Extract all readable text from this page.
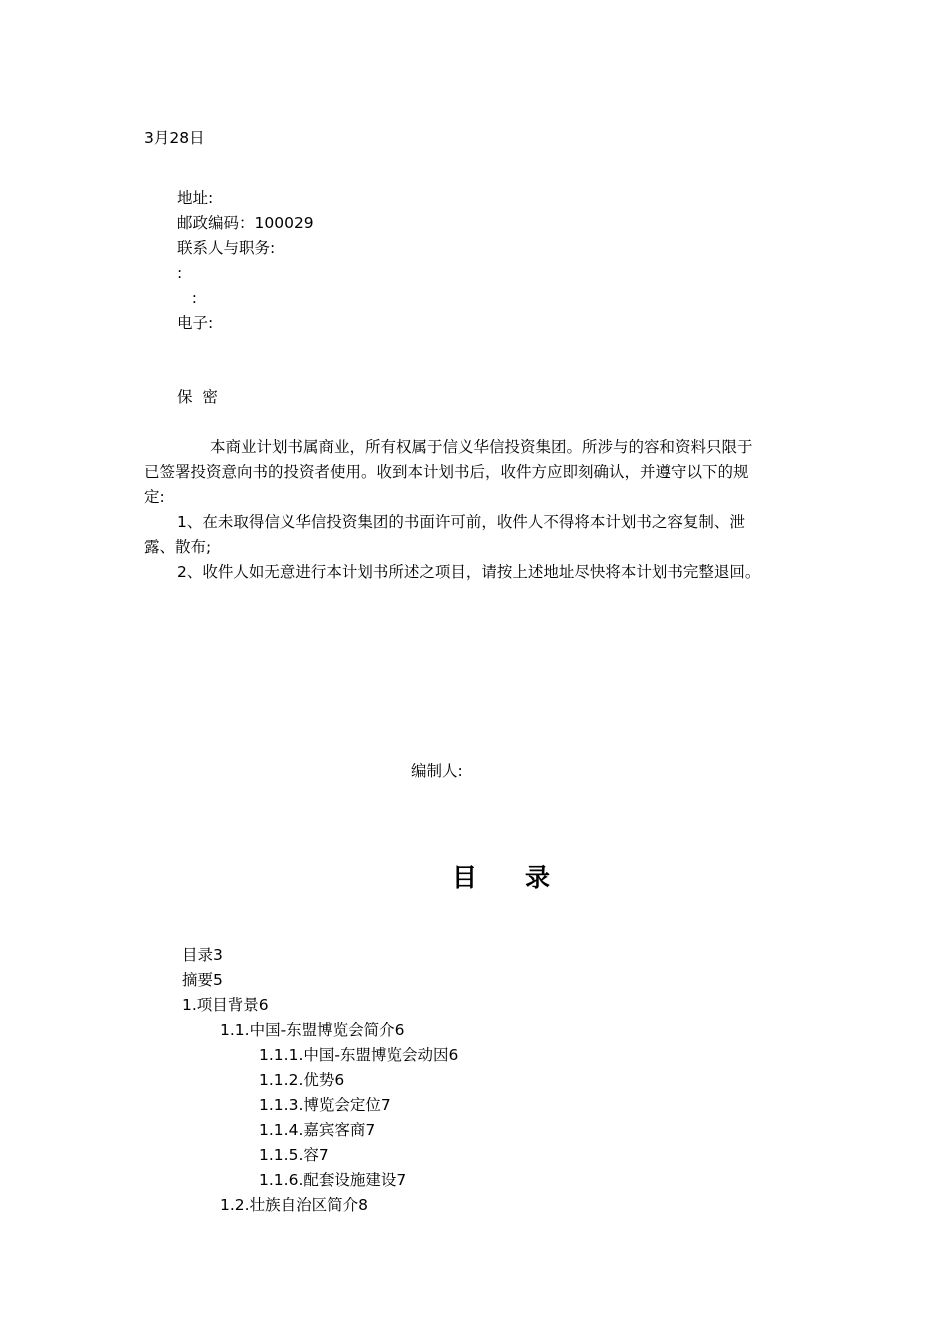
3月28日
地址:
邮政编码：100029
联系人与职务:
:
:
电子:
保  密

本商业计划书属商业，所有权属于信义华信投资集团。所涉与的容和资料只限于

已签署投资意向书的投资者使用。收到本计划书后，收件方应即刻确认，并遵守以下的规

定:

1、在未取得信义华信投资集团的书面许可前，收件人不得将本计划书之容复制、泄

露、散布;

2、收件人如无意进行本计划书所述之项目，请按上述地址尽快将本计划书完整退回。

编制人:
目录
目录3
摘要5
1.项目背景6
1.1.中国-东盟博览会简介6
1.1.1.中国-东盟博览会动因6
1.1.2.优势6
1.1.3.博览会定位7
1.1.4.嘉宾客商7
1.1.5.容7
1.1.6.配套设施建设7
1.2.壮族自治区简介8
